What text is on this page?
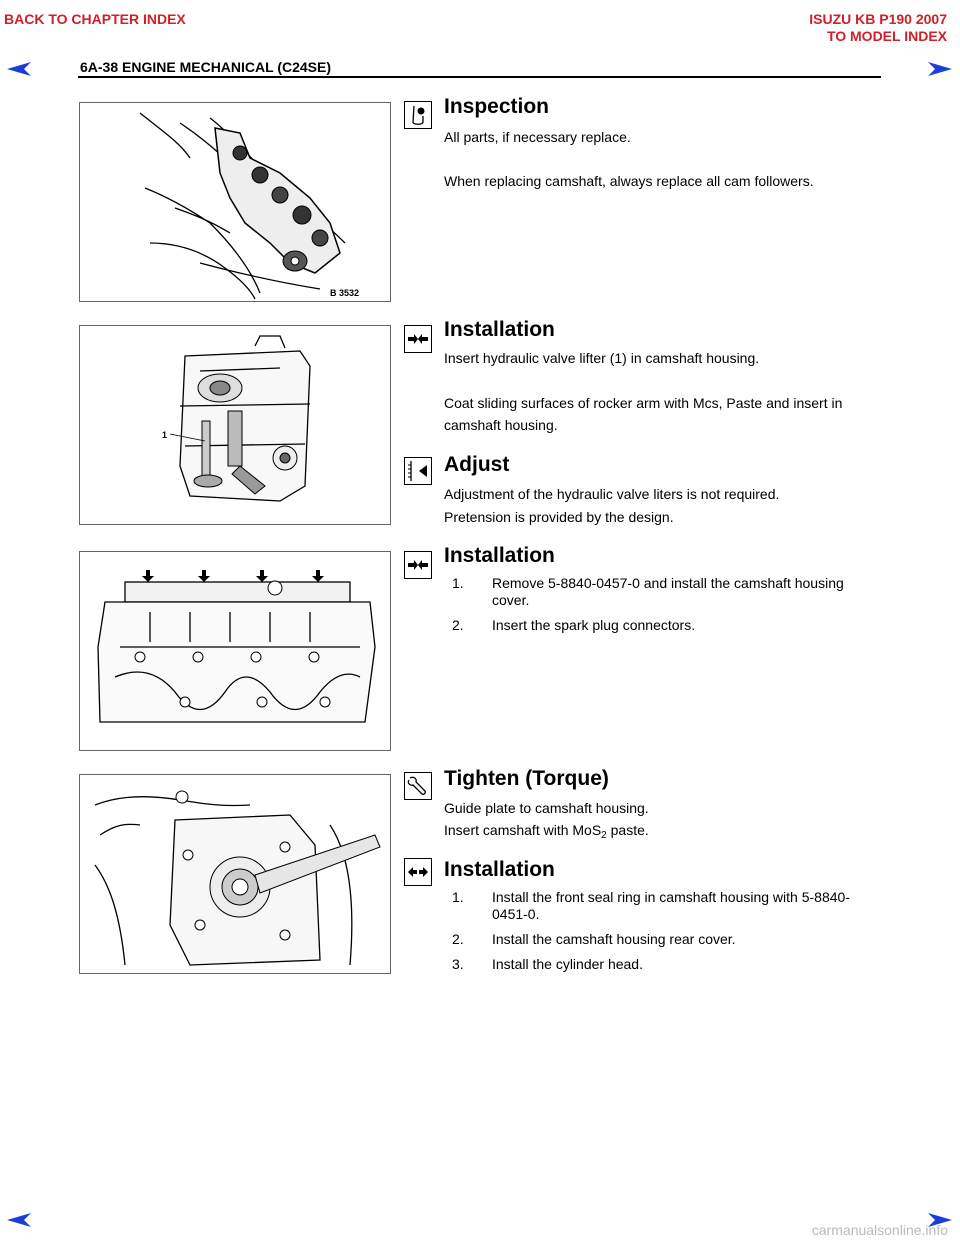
BACK TO CHAPTER INDEX	ISUZU KB P190 2007
TO MODEL INDEX
6A-38 ENGINE MECHANICAL (C24SE)
B 3532
1
Inspection
All parts, if necessary replace.
When replacing camshaft, always replace all cam followers.
Installation
Insert hydraulic valve lifter (1) in camshaft housing.
Coat sliding surfaces of rocker arm with Mcs, Paste and insert in camshaft housing.
Adjust
Adjustment of the hydraulic valve liters is not required.
Pretension is provided by the design.
Installation
1.	Remove 5-8840-0457-0 and install the camshaft housing cover.
2.	Insert the spark plug connectors.
Tighten (Torque)
Guide plate to camshaft housing.
Insert camshaft with MoS$_2$ paste.
Installation
1.	Install the front seal ring in camshaft housing with 5-8840-0451-0.
2.	Install the camshaft housing rear cover.
3.	Install the cylinder head.
carmanualsonline.info
